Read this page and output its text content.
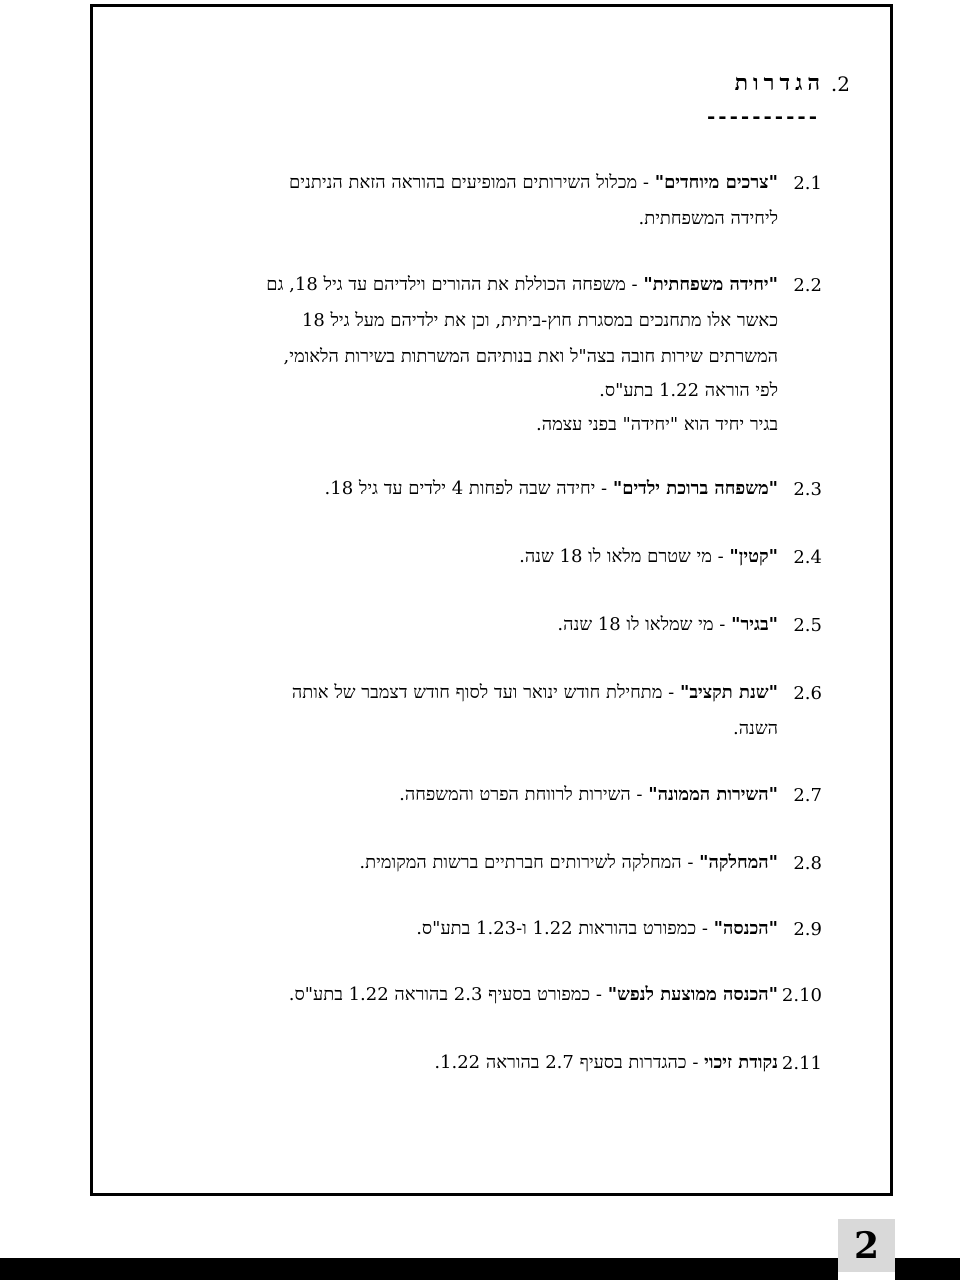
2.
הגדרות
----------
2.1
"צרכים מיוחדים" - מכלול השירותים המופיעים בהוראה הזאת הניתנים
ליחידה המשפחתית.
2.2
"יחידה משפחתית" - משפחה הכוללת את ההורים וילדיהם עד גיל 18, גם
כאשר אלו מתחנכים במסגרת חוץ-ביתית, וכן את ילדיהם מעל גיל 18
המשרתים שירות חובה בצה"ל ואת בנותיהם המשרתות בשירות הלאומי,
לפי הוראה 1.22 בתע"ס.
בגיר יחיד הוא "יחידה" בפני עצמה.
2.3
"משפחה ברוכת ילדים" - יחידה שבה לפחות 4 ילדים עד גיל 18.
2.4
"קטין" - מי שטרם מלאו לו 18 שנה.
2.5
"בגיר" - מי שמלאו לו 18 שנה.
2.6
"שנת תקציב" - מתחילת חודש ינואר ועד לסוף חודש דצמבר של אותה
השנה.
2.7
"השירות הממונה" - השירות לרווחת הפרט והמשפחה.
2.8
"המחלקה" - המחלקה לשירותים חברתיים ברשות המקומית.
2.9
"הכנסה" - כמפורט בהוראות 1.22 ו-1.23 בתע"ס.
2.10
"הכנסה ממוצעת לנפש" - כמפורט בסעיף 2.3 בהוראה 1.22 בתע"ס.
2.11
נקודת זיכוי - כהגדרות בסעיף 2.7 בהוראה 1.22.
2
